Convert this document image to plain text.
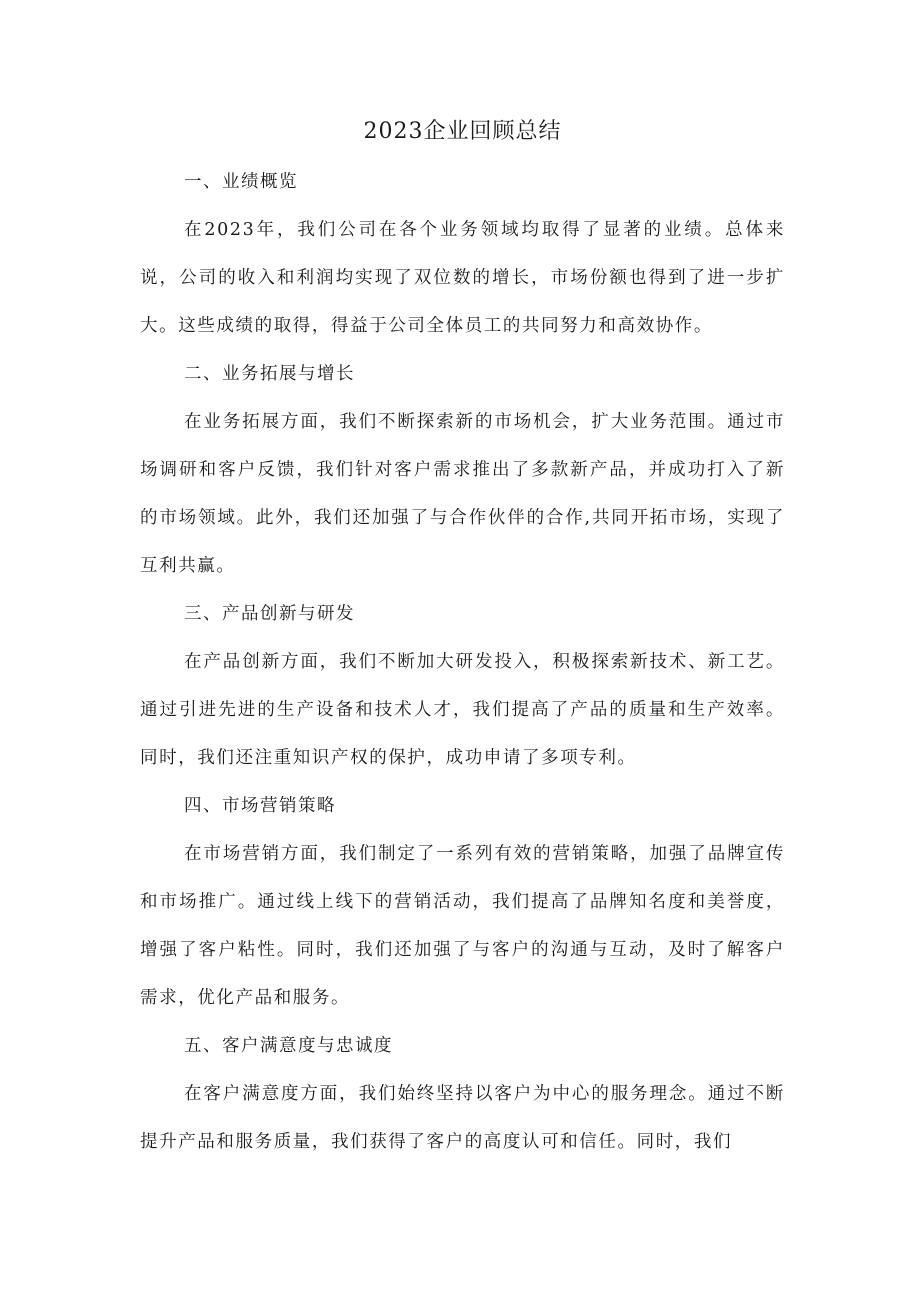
2023企业回顾总结
一、业绩概览

在2023年，我们公司在各个业务领域均取得了显著的业绩。总体来说，公司的收入和利润均实现了双位数的增长，市场份额也得到了进一步扩大。这些成绩的取得，得益于公司全体员工的共同努力和高效协作。

二、业务拓展与增长

在业务拓展方面，我们不断探索新的市场机会，扩大业务范围。通过市场调研和客户反馈，我们针对客户需求推出了多款新产品，并成功打入了新的市场领域。此外，我们还加强了与合作伙伴的合作,共同开拓市场，实现了互利共赢。

三、产品创新与研发

在产品创新方面，我们不断加大研发投入，积极探索新技术、新工艺。通过引进先进的生产设备和技术人才，我们提高了产品的质量和生产效率。同时，我们还注重知识产权的保护，成功申请了多项专利。

四、市场营销策略

在市场营销方面，我们制定了一系列有效的营销策略，加强了品牌宣传和市场推广。通过线上线下的营销活动，我们提高了品牌知名度和美誉度，增强了客户粘性。同时，我们还加强了与客户的沟通与互动，及时了解客户需求，优化产品和服务。

五、客户满意度与忠诚度

在客户满意度方面，我们始终坚持以客户为中心的服务理念。通过不断提升产品和服务质量，我们获得了客户的高度认可和信任。同时，我们
